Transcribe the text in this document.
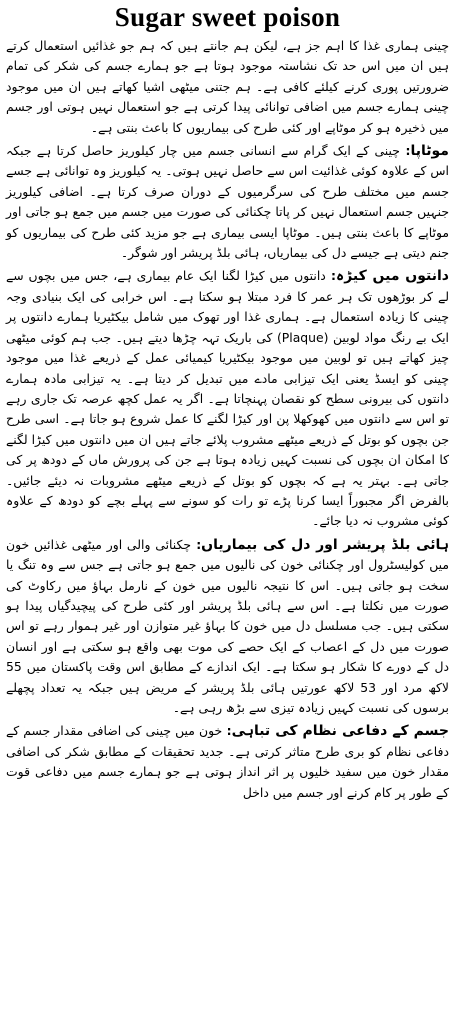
Sugar sweet poison

چینی ہماری غذا کا اہم جز ہے، لیکن ہم جانتے ہیں کہ ہم جو غذائیں استعمال کرتے ہیں ان میں اس حد تک نشاستہ موجود ہوتا ہے جو ہمارے جسم کی شکر کی تمام ضرورتیں پوری کرنے کیلئے کافی ہے۔ ہم جتنی میٹھی اشیا کھاتے ہیں ان میں موجود چینی ہمارے جسم میں اضافی توانائی پیدا کرتی ہے جو استعمال نہیں ہوتی اور جسم میں ذخیرہ ہو کر موٹاپے اور کئی طرح کی بیماریوں کا باعث بنتی ہے۔

موٹاپا: چینی کے ایک گرام سے انسانی جسم میں چار کیلوریز حاصل کرتا ہے جبکہ اس کے علاوہ کوئی غذائیت اس سے حاصل نہیں ہوتی۔ یہ کیلوریز وہ توانائی ہے جسے جسم میں مختلف طرح کی سرگرمیوں کے دوران صرف کرتا ہے۔ اضافی کیلوریز جنہیں جسم استعمال نہیں کر پاتا چکنائی کی صورت میں جسم میں جمع ہو جاتی اور موٹاپے کا باعث بنتی ہیں۔ موٹاپا ایسی بیماری ہے جو مزید کئی طرح کی بیماریوں کو جنم دیتی ہے جیسے دل کی بیماریاں، ہائی بلڈ پریشر اور شوگر۔

دانتوں میں کیڑہ: دانتوں میں کیڑا لگنا ایک عام بیماری ہے، جس میں بچوں سے لے کر بوڑھوں تک ہر عمر کا فرد مبتلا ہو سکتا ہے۔ اس خرابی کی ایک بنیادی وجہ چینی کا زیادہ استعمال ہے۔ ہماری غذا اور تھوک میں شامل بیکٹیریا ہمارے دانتوں پر ایک بے رنگ مواد لوبین (Plaque) کی باریک تہہ چڑھا دیتے ہیں۔ جب ہم کوئی میٹھی چیز کھاتے ہیں تو لوبین میں موجود بیکٹیریا کیمیائی عمل کے ذریعے غذا میں موجود چینی کو ایسڈ یعنی ایک تیزابی مادے میں تبدیل کر دیتا ہے۔ یہ تیزابی مادہ ہمارے دانتوں کی بیرونی سطح کو نقصان پہنچاتا ہے۔ اگر یہ عمل کچھ عرصہ تک جاری رہے تو اس سے دانتوں میں کھوکھلا پن اور کیڑا لگنے کا عمل شروع ہو جاتا ہے۔ اسی طرح جن بچوں کو بوتل کے ذریعے میٹھے مشروب پلائے جاتے ہیں ان میں دانتوں میں کیڑا لگنے کا امکان ان بچوں کی نسبت کہیں زیادہ ہوتا ہے جن کی پرورش ماں کے دودھ پر کی جاتی ہے۔ بہتر یہ ہے کہ بچوں کو بوتل کے ذریعے میٹھے مشروبات نہ دیئے جائیں۔ بالفرض اگر مجبوراً ایسا کرنا پڑے تو رات کو سونے سے پہلے بچے کو دودھ کے علاوہ کوئی مشروب نہ دیا جائے۔

ہائی بلڈ پریشر اور دل کی بیماریاں: چکنائی والی اور میٹھی غذائیں خون میں کولیسٹرول اور چکنائی خون کی نالیوں میں جمع ہو جاتی ہے جس سے وہ تنگ یا سخت ہو جاتی ہیں۔ اس کا نتیجہ نالیوں میں خون کے نارمل بہاؤ میں رکاوٹ کی صورت میں نکلتا ہے۔ اس سے ہائی بلڈ پریشر اور کئی طرح کی پیچیدگیاں پیدا ہو سکتی ہیں۔ جب مسلسل دل میں خون کا بہاؤ غیر متوازن اور غیر ہموار رہے تو اس صورت میں دل کے اعصاب کے ایک حصے کی موت بھی واقع ہو سکتی ہے اور انسان دل کے دورے کا شکار ہو سکتا ہے۔ ایک اندازے کے مطابق اس وقت پاکستان میں 55 لاکھ مرد اور 53 لاکھ عورتیں ہائی بلڈ پریشر کے مریض ہیں جبکہ یہ تعداد پچھلے برسوں کی نسبت کہیں زیادہ تیزی سے بڑھ رہی ہے۔

جسم کے دفاعی نظام کی تباہی: خون میں چینی کی اضافی مقدار جسم کے دفاعی نظام کو بری طرح متاثر کرتی ہے۔ جدید تحقیقات کے مطابق شکر کی اضافی مقدار خون میں سفید خلیوں پر اثر انداز ہوتی ہے جو ہمارے جسم میں دفاعی قوت کے طور پر کام کرنے اور جسم میں داخل
